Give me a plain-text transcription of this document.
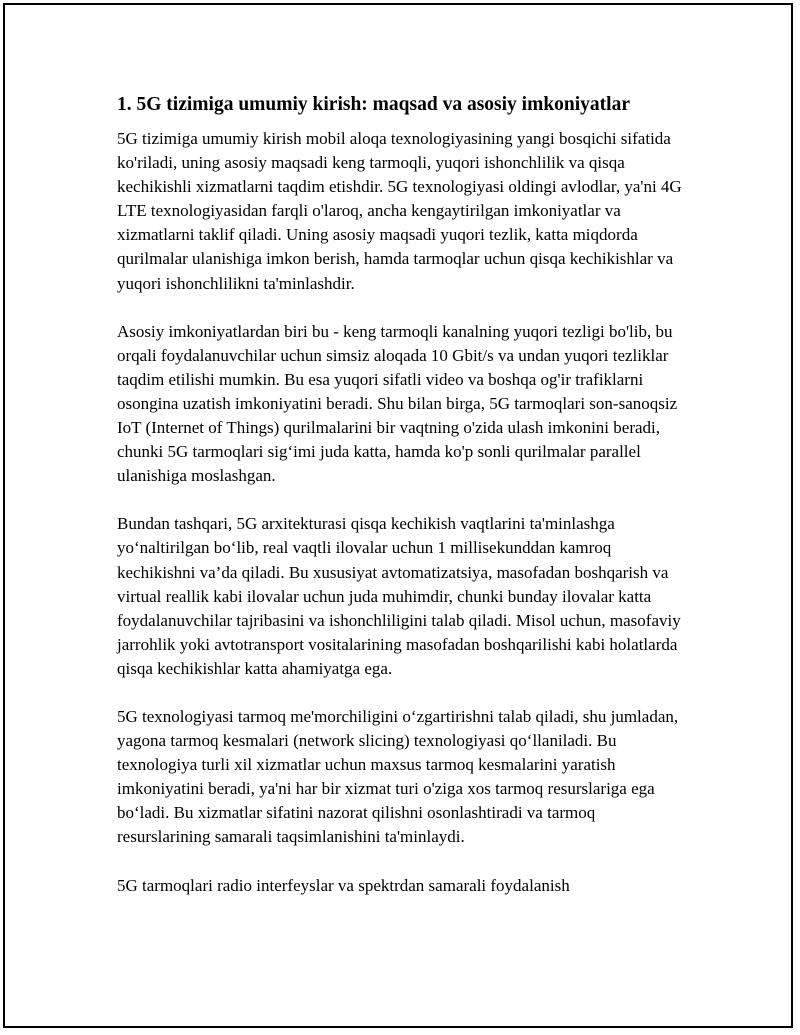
1. 5G tizimiga umumiy kirish: maqsad va asosiy imkoniyatlar

5G tizimiga umumiy kirish mobil aloqa texnologiyasining yangi bosqichi sifatida ko'riladi, uning asosiy maqsadi keng tarmoqli, yuqori ishonchlilik va qisqa kechikishli xizmatlarni taqdim etishdir. 5G texnologiyasi oldingi avlodlar, ya'ni 4G LTE texnologiyasidan farqli o'laroq, ancha kengaytirilgan imkoniyatlar va xizmatlarni taklif qiladi. Uning asosiy maqsadi yuqori tezlik, katta miqdorda qurilmalar ulanishiga imkon berish, hamda tarmoqlar uchun qisqa kechikishlar va yuqori ishonchlilikni ta'minlashdir.

Asosiy imkoniyatlardan biri bu - keng tarmoqli kanalning yuqori tezligi bo'lib, bu orqali foydalanuvchilar uchun simsiz aloqada 10 Gbit/s va undan yuqori tezliklar taqdim etilishi mumkin. Bu esa yuqori sifatli video va boshqa og'ir trafiklarni osongina uzatish imkoniyatini beradi. Shu bilan birga, 5G tarmoqlari son-sanoqsiz IoT (Internet of Things) qurilmalarini bir vaqtning o'zida ulash imkonini beradi, chunki 5G tarmoqlari sig‘imi juda katta, hamda ko'p sonli qurilmalar parallel ulanishiga moslashgan.

Bundan tashqari, 5G arxitekturasi qisqa kechikish vaqtlarini ta'minlashga yo‘naltirilgan bo‘lib, real vaqtli ilovalar uchun 1 millisekunddan kamroq kechikishni va’da qiladi. Bu xususiyat avtomatizatsiya, masofadan boshqarish va virtual reallik kabi ilovalar uchun juda muhimdir, chunki bunday ilovalar katta foydalanuvchilar tajribasini va ishonchliligini talab qiladi. Misol uchun, masofaviy jarrohlik yoki avtotransport vositalarining masofadan boshqarilishi kabi holatlarda qisqa kechikishlar katta ahamiyatga ega.

5G texnologiyasi tarmoq me'morchiligini o‘zgartirishni talab qiladi, shu jumladan, yagona tarmoq kesmalari (network slicing) texnologiyasi qo‘llaniladi. Bu texnologiya turli xil xizmatlar uchun maxsus tarmoq kesmalarini yaratish imkoniyatini beradi, ya'ni har bir xizmat turi o'ziga xos tarmoq resurslariga ega bo‘ladi. Bu xizmatlar sifatini nazorat qilishni osonlashtiradi va tarmoq resurslarining samarali taqsimlanishini ta'minlaydi.

5G tarmoqlari radio interfeyslar va spektrdan samarali foydalanish
